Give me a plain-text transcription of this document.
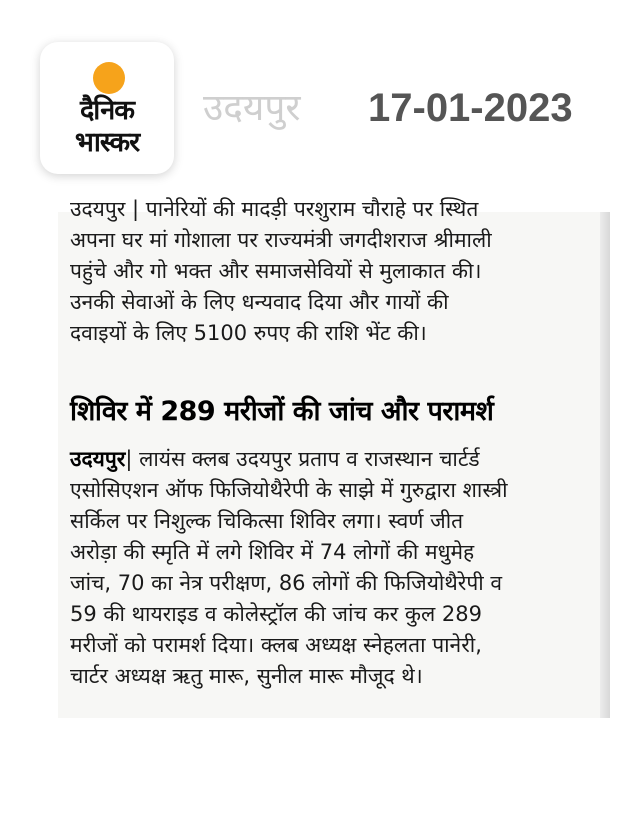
दैनिक
भास्कर
उदयपुर 17-01-2023
उदयपुर | पानेरियों की मादड़ी परशुराम चौराहे पर स्थित
अपना घर मां गोशाला पर राज्यमंत्री जगदीशराज श्रीमाली
पहुंचे और गो भक्त और समाजसेवियों से मुलाकात की।
उनकी सेवाओं के लिए धन्यवाद दिया और गायों की
दवाइयों के लिए 5100 रुपए की राशि भेंट की।
शिविर में 289 मरीजों की जांच और परामर्श
उदयपुर| लायंस क्लब उदयपुर प्रताप व राजस्थान चार्टर्ड
एसोसिएशन ऑफ फिजियोथैरेपी के साझे में गुरुद्वारा शास्त्री
सर्किल पर निशुल्क चिकित्सा शिविर लगा। स्वर्ण जीत
अरोड़ा की स्मृति में लगे शिविर में 74 लोगों की मधुमेह
जांच, 70 का नेत्र परीक्षण, 86 लोगों की फिजियोथैरेपी व
59 की थायराइड व कोलेस्ट्रॉल की जांच कर कुल 289
मरीजों को परामर्श दिया। क्लब अध्यक्ष स्नेहलता पानेरी,
चार्टर अध्यक्ष ऋतु मारू, सुनील मारू मौजूद थे।
